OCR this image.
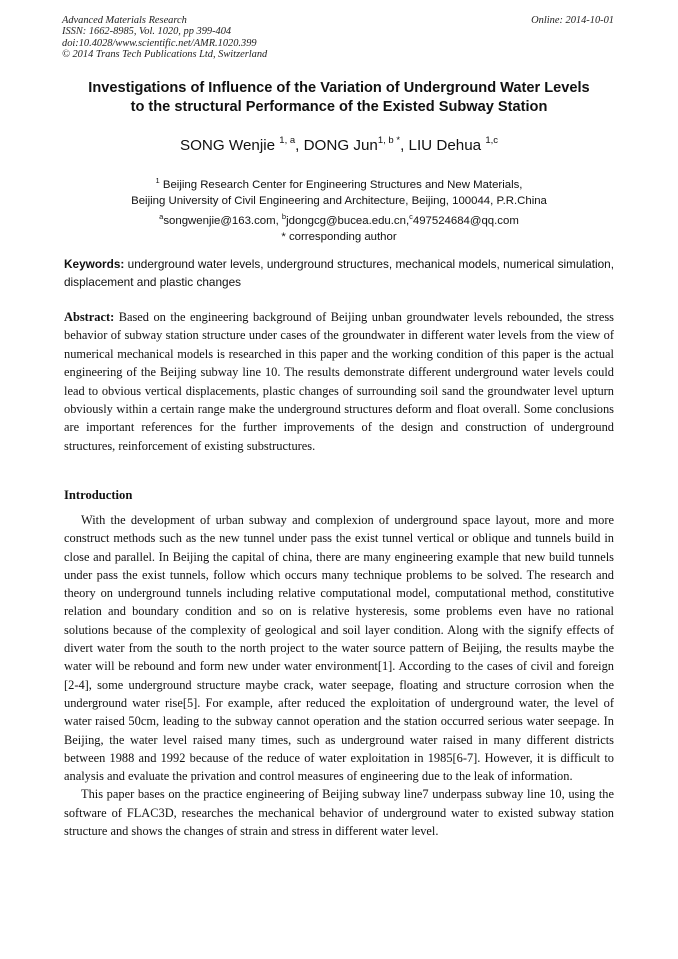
Advanced Materials Research
ISSN: 1662-8985, Vol. 1020, pp 399-404
doi:10.4028/www.scientific.net/AMR.1020.399
© 2014 Trans Tech Publications Ltd, Switzerland
Online: 2014-10-01
Investigations of Influence of the Variation of Underground Water Levels
to the structural Performance of the Existed Subway Station
SONG Wenjie $^{1, a}$, DONG Jun$^{1, b *}$, LIU Dehua $^{1,c}$
$^1$ Beijing Research Center for Engineering Structures and New Materials,
Beijing University of Civil Engineering and Architecture, Beijing, 100044, P.R.China
$^a$songwenjie@163.com, $^b$jdongcg@bucea.edu.cn,$^c$497524684@qq.com
* corresponding author
Keywords: underground water levels, underground structures, mechanical models, numerical simulation, displacement and plastic changes
Abstract: Based on the engineering background of Beijing unban groundwater levels rebounded, the stress behavior of subway station structure under cases of the groundwater in different water levels from the view of numerical mechanical models is researched in this paper and the working condition of this paper is the actual engineering of the Beijing subway line 10. The results demonstrate different underground water levels could lead to obvious vertical displacements, plastic changes of surrounding soil sand the groundwater level upturn obviously within a certain range make the underground structures deform and float overall. Some conclusions are important references for the further improvements of the design and construction of underground structures, reinforcement of existing substructures.
Introduction

With the development of urban subway and complexion of underground space layout, more and more construct methods such as the new tunnel under pass the exist tunnel vertical or oblique and tunnels build in close and parallel. In Beijing the capital of china, there are many engineering example that new build tunnels under pass the exist tunnels, follow which occurs many technique problems to be solved. The research and theory on underground tunnels including relative computational model, computational method, constitutive relation and boundary condition and so on is relative hysteresis, some problems even have no rational solutions because of the complexity of geological and soil layer condition. Along with the signify effects of divert water from the south to the north project to the water source pattern of Beijing, the results maybe the water will be rebound and form new under water environment[1]. According to the cases of civil and foreign [2-4], some underground structure maybe crack, water seepage, floating and structure corrosion when the underground water rise[5]. For example, after reduced the exploitation of underground water, the level of water raised 50cm, leading to the subway cannot operation and the station occurred serious water seepage. In Beijing, the water level raised many times, such as underground water raised in many different districts between 1988 and 1992 because of the reduce of water exploitation in 1985[6-7]. However, it is difficult to analysis and evaluate the privation and control measures of engineering due to the leak of information.

This paper bases on the practice engineering of Beijing subway line7 underpass subway line 10, using the software of FLAC3D, researches the mechanical behavior of underground water to existed subway station structure and shows the changes of strain and stress in different water level.
